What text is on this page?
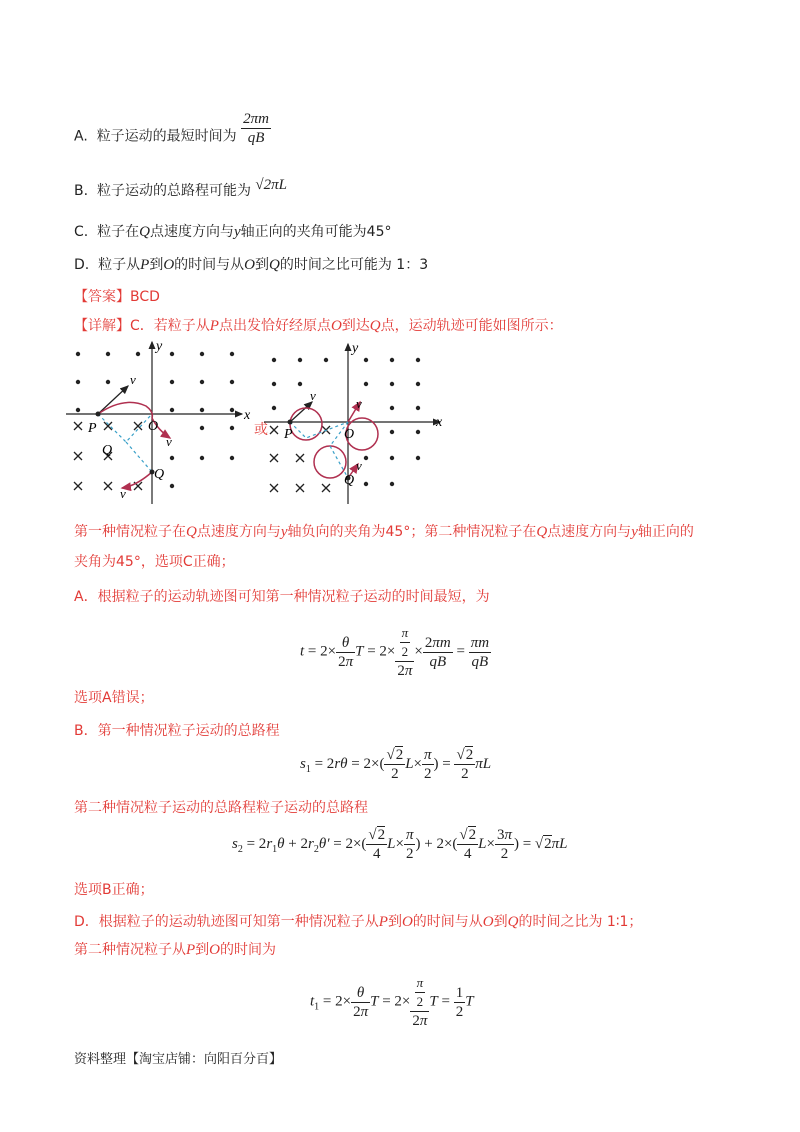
A. 粒子运动的最短时间为 $\frac{2\pi m}{qB}$
B. 粒子运动的总路程可能为 √2πL
C. 粒子在Q点速度方向与y轴正向的夹角可能为45°
D. 粒子从P到O的时间与从O到Q的时间之比可能为 1：3
【答案】BCD
【详解】C．若粒子从P点出发恰好经原点O到达Q点，运动轨迹可能如图所示：
x
y
P	O
Q
Q
v
v
v
或	x
y
P	O
Q
v
v
v
第一种情况粒子在Q点速度方向与y轴负向的夹角为45°；第二种情况粒子在Q点速度方向与y轴正向的
夹角为45°，选项C正确；
A．根据粒子的运动轨迹图可知第一种情况粒子运动的时间最短，为
$t = 2\times \frac{\theta}{2\pi}$ $T = 2\times \frac{\frac{\pi}{2}}{2\pi} \times \frac{2\pi m}{qB} = \frac{\pi m}{qB}$
选项A错误；
B．第一种情况粒子运动的总路程
$s_1 = 2r\theta = 2\times( \frac{√2}{2} L\times \frac{\pi}{2}$ ) = $\frac{√2}{2}$ πL
第二种情况粒子运动的总路程粒子运动的总路程
$s_2 = 2r_1\theta + 2r_2\theta' = 2\times( \frac{√2}{4} L\times \frac{\pi}{2}$ ) + $2\times( \frac{√2}{4} L\times \frac{3\pi}{2}$ ) = √2πL
选项B正确；
D．根据粒子的运动轨迹图可知第一种情况粒子从P到O的时间与从O到Q的时间之比为 1∶1；
第二种情况粒子从P到O的时间为
$t_1 = 2\times \frac{\theta}{2\pi}$ $T = 2\times \frac{\frac{\pi}{2}}{2\pi}$ $T = \frac{1}{2}$ T
资料整理【淘宝店铺：向阳百分百】
